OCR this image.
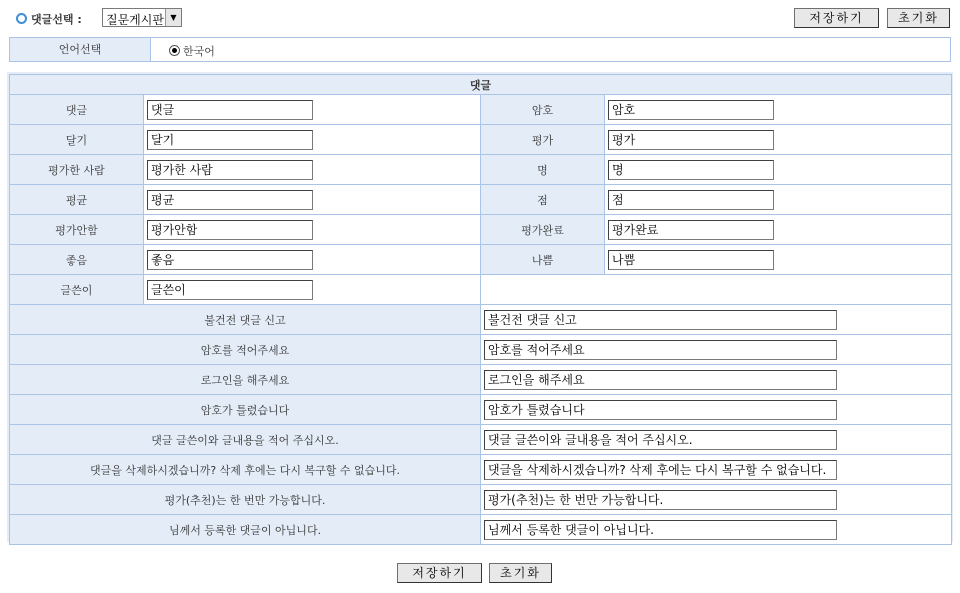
댓글선택 : 질문게시판 ▼	저장하기	초기화
언어선택	한국어
댓글			
댓글	댓글	암호	암호

달기	달기	평가	평가

평가한 사람	평가한 사람	명	명

평균	평균	점	점

평가안함	평가안함	평가완료	평가완료

좋음	좋음	나쁨	나쁨

글쓴이	글쓴이		

불건전 댓글 신고		불건전 댓글 신고	

암호를 적어주세요		암호를 적어주세요	

로그인을 해주세요		로그인을 해주세요	

암호가 틀렸습니다		암호가 틀렸습니다	

댓글 글쓴이와 글내용을 적어 주십시오.		댓글 글쓴이와 글내용을 적어 주십시오.	

댓글을 삭제하시겠습니까? 삭제 후에는 다시 복구할 수 없습니다.		댓글을 삭제하시겠습니까? 삭제 후에는 다시 복구할 수 없습니다.	

평가(추천)는 한 번만 가능합니다.		평가(추천)는 한 번만 가능합니다.	

님께서 등록한 댓글이 아닙니다.		님께서 등록한 댓글이 아닙니다.	
저장하기	초기화
